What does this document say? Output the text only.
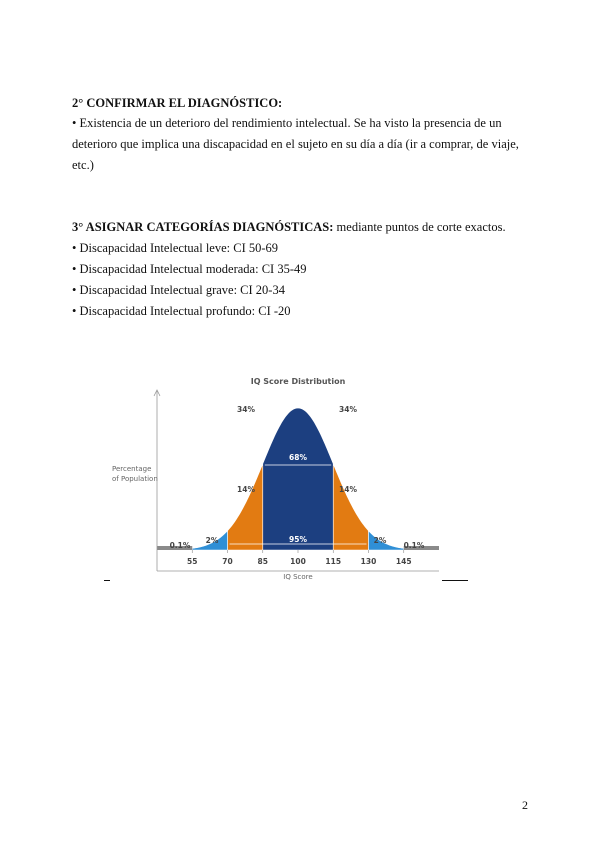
2° CONFIRMAR EL DIAGNÓSTICO:
• Existencia de un deterioro del rendimiento intelectual. Se ha visto la presencia de un
deterioro que implica una discapacidad en el sujeto en su día a día (ir a comprar, de viaje,
etc.)
3° ASIGNAR CATEGORÍAS DIAGNÓSTICAS: mediante puntos de corte exactos.
• Discapacidad Intelectual leve: CI 50-69
• Discapacidad Intelectual moderada: CI 35-49
• Discapacidad Intelectual grave: CI 20-34
• Discapacidad Intelectual profundo: CI -20
IQ Score Distribution
Percentage
of Population
IQ Score
55	70	85	100	115	130	145
34%	34%
68%
14%	14%
2%	2%
95%
0.1%	0.1%
2
